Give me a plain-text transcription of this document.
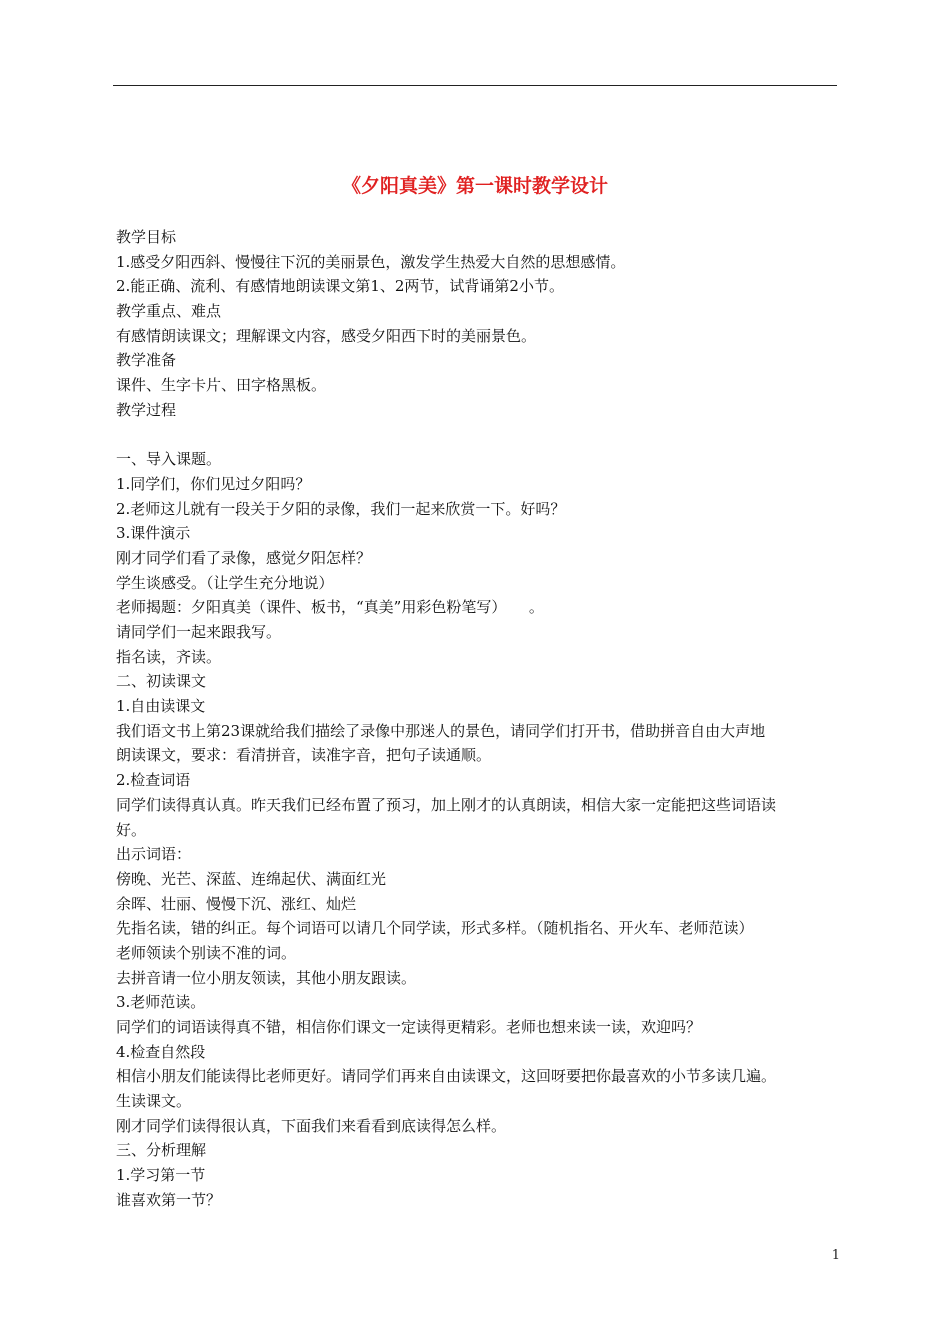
《夕阳真美》第一课时教学设计
教学目标
1.感受夕阳西斜、慢慢往下沉的美丽景色，激发学生热爱大自然的思想感情。
2.能正确、流利、有感情地朗读课文第1、2两节，试背诵第2小节。
教学重点、难点
有感情朗读课文；理解课文内容，感受夕阳西下时的美丽景色。
教学准备
课件、生字卡片、田字格黑板。
教学过程
一、导入课题。
1.同学们，你们见过夕阳吗？
2.老师这儿就有一段关于夕阳的录像，我们一起来欣赏一下。好吗？
3.课件演示
刚才同学们看了录像，感觉夕阳怎样？
学生谈感受。（让学生充分地说）
老师揭题：夕阳真美（课件、板书，“真美”用彩色粉笔写）　　。
请同学们一起来跟我写。
指名读，齐读。
二、初读课文
1.自由读课文
我们语文书上第23课就给我们描绘了录像中那迷人的景色，请同学们打开书，借助拼音自由大声地
朗读课文，要求：看清拼音，读准字音，把句子读通顺。
2.检查词语
同学们读得真认真。昨天我们已经布置了预习，加上刚才的认真朗读，相信大家一定能把这些词语读
好。
出示词语：
傍晚、光芒、深蓝、连绵起伏、满面红光
余晖、壮丽、慢慢下沉、涨红、灿烂
先指名读，错的纠正。每个词语可以请几个同学读，形式多样。（随机指名、开火车、老师范读）
老师领读个别读不准的词。
去拼音请一位小朋友领读，其他小朋友跟读。
3.老师范读。
同学们的词语读得真不错，相信你们课文一定读得更精彩。老师也想来读一读，欢迎吗？
4.检查自然段
相信小朋友们能读得比老师更好。请同学们再来自由读课文，这回呀要把你最喜欢的小节多读几遍。
生读课文。
刚才同学们读得很认真，下面我们来看看到底读得怎么样。
三、分析理解
1.学习第一节
谁喜欢第一节？
1
